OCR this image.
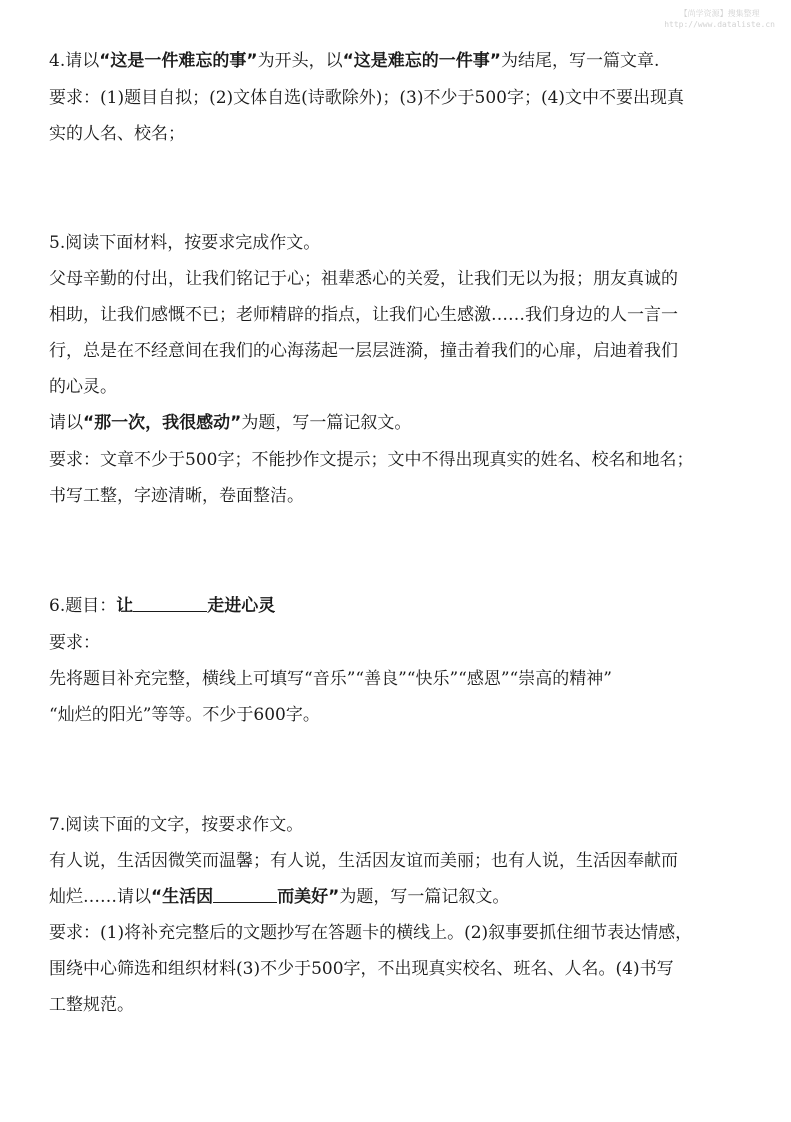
【尚学资源】搜集整理
http://www.dataliste.cn
4.请以“这是一件难忘的事”为开头，以“这是难忘的一件事”为结尾，写一篇文章.
要求：(1)题目自拟；(2)文体自选(诗歌除外)；(3)不少于500字；(4)文中不要出现真
实的人名、校名；
5.阅读下面材料，按要求完成作文。
父母辛勤的付出，让我们铭记于心；祖辈悉心的关爱，让我们无以为报；朋友真诚的
相助，让我们感慨不已；老师精辟的指点，让我们心生感激……我们身边的人一言一
行，总是在不经意间在我们的心海荡起一层层涟漪，撞击着我们的心扉，启迪着我们
的心灵。
请以“那一次，我很感动”为题，写一篇记叙文。
要求：文章不少于500字；不能抄作文提示；文中不得出现真实的姓名、校名和地名；
书写工整，字迹清晰，卷面整洁。
6.题目：让	走进心灵
要求：
先将题目补充完整，横线上可填写“音乐”“善良”“快乐”“感恩”“崇高的精神”
“灿烂的阳光”等等。不少于600字。
7.阅读下面的文字，按要求作文。
有人说，生活因微笑而温馨；有人说，生活因友谊而美丽；也有人说，生活因奉献而
灿烂……请以“生活因	而美好”为题，写一篇记叙文。
要求：(1)将补充完整后的文题抄写在答题卡的横线上。(2)叙事要抓住细节表达情感，
围绕中心筛选和组织材料(3)不少于500字，不出现真实校名、班名、人名。(4)书写
工整规范。
